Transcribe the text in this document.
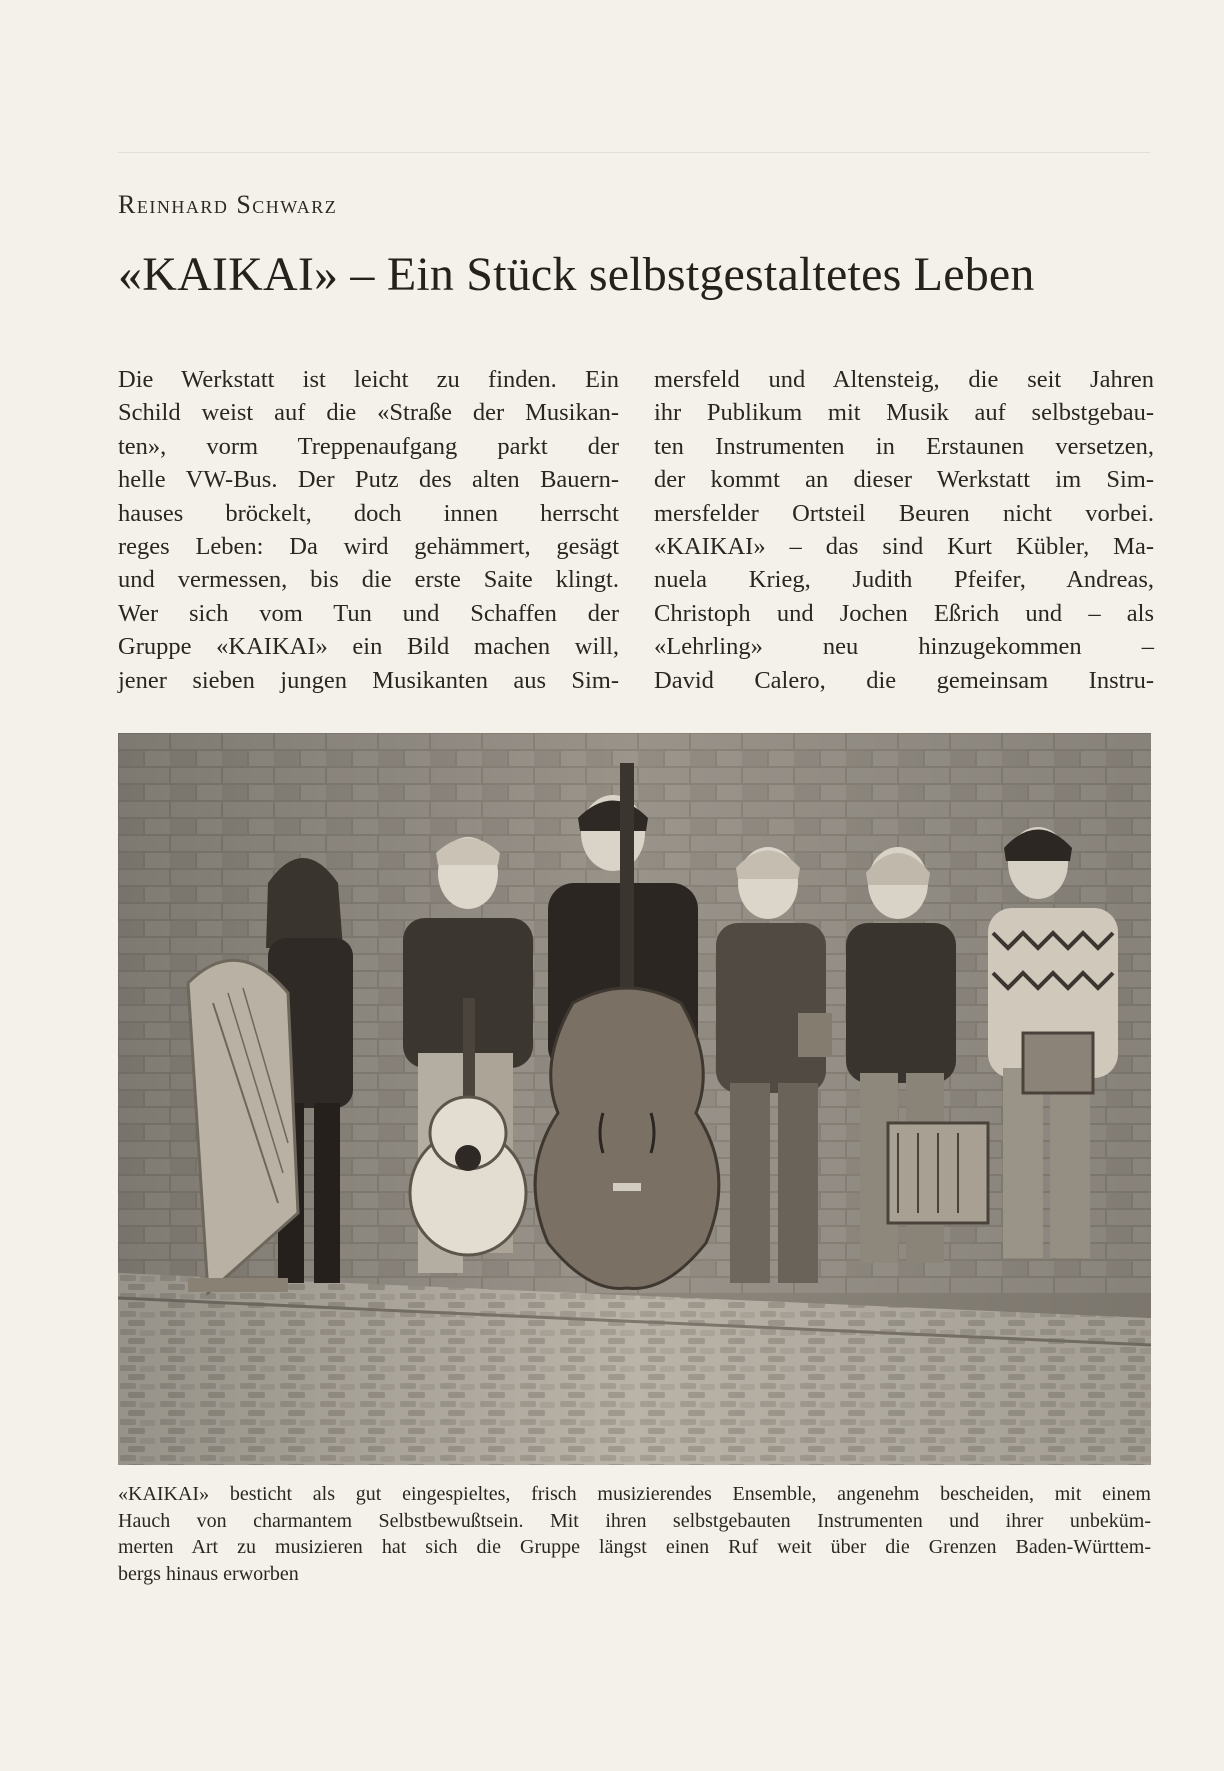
Reinhard Schwarz
«KAIKAI» – Ein Stück selbstgestaltetes Leben
Die Werkstatt ist leicht zu finden. Ein
Schild weist auf die «Straße der Musikan-
ten», vorm Treppenaufgang parkt der
helle VW-Bus. Der Putz des alten Bauern-
hauses bröckelt, doch innen herrscht
reges Leben: Da wird gehämmert, gesägt
und vermessen, bis die erste Saite klingt.
Wer sich vom Tun und Schaffen der
Gruppe «KAIKAI» ein Bild machen will,
jener sieben jungen Musikanten aus Sim-
mersfeld und Altensteig, die seit Jahren
ihr Publikum mit Musik auf selbstgebau-
ten Instrumenten in Erstaunen versetzen,
der kommt an dieser Werkstatt im Sim-
mersfelder Ortsteil Beuren nicht vorbei.
«KAIKAI» – das sind Kurt Kübler, Ma-
nuela Krieg, Judith Pfeifer, Andreas,
Christoph und Jochen Eßrich und – als
«Lehrling» neu hinzugekommen –
David Calero, die gemeinsam Instru-
«KAIKAI» besticht als gut eingespieltes, frisch musizierendes Ensemble, angenehm bescheiden, mit einem
Hauch von charmantem Selbstbewußtsein. Mit ihren selbstgebauten Instrumenten und ihrer unbeküm-
merten Art zu musizieren hat sich die Gruppe längst einen Ruf weit über die Grenzen Baden-Württem-
bergs hinaus erworben
